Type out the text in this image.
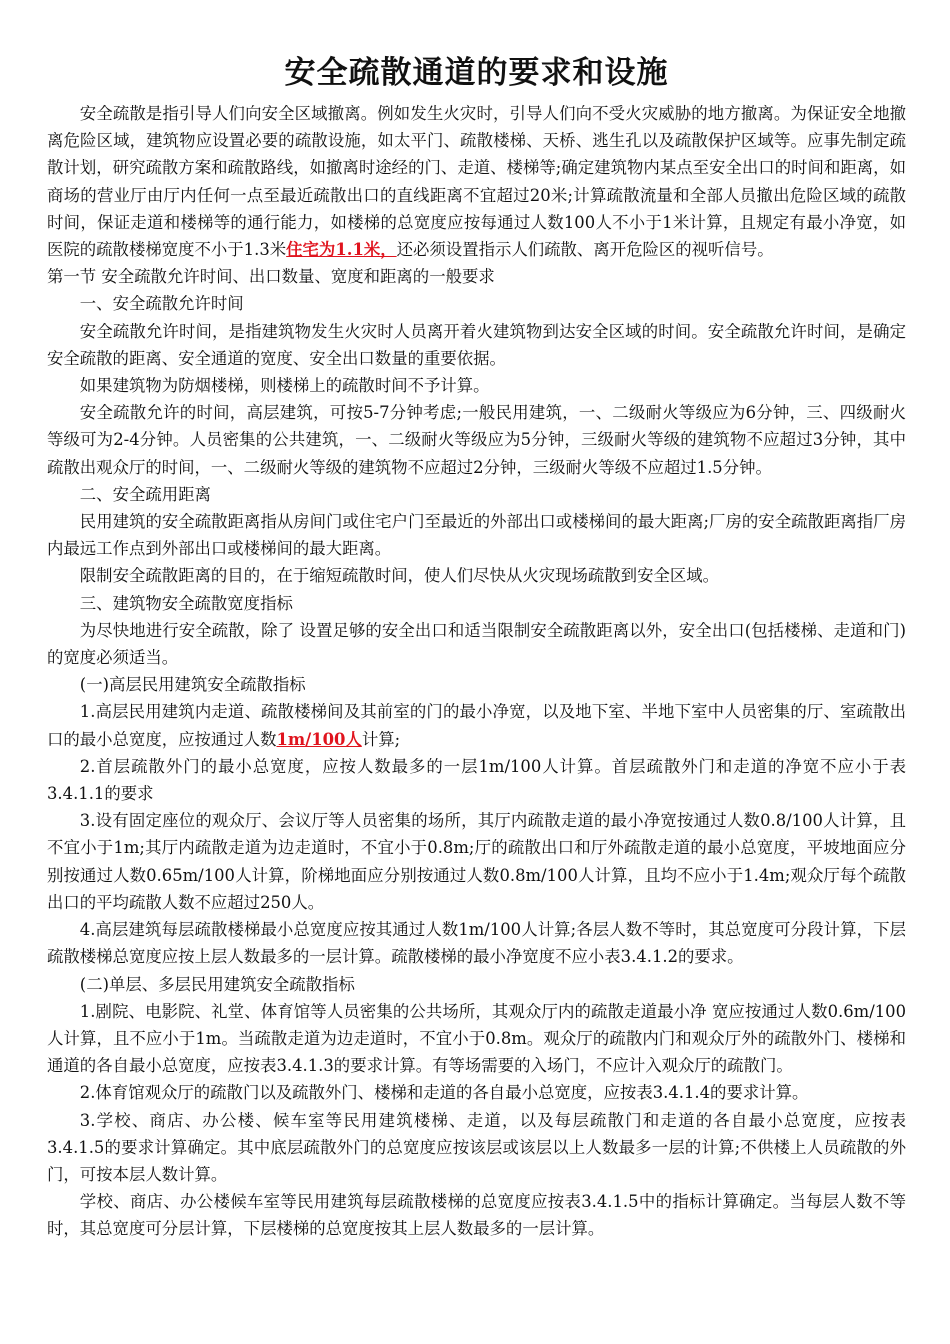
安全疏散通道的要求和设施

安全疏散是指引导人们向安全区域撤离。例如发生火灾时，引导人们向不受火灾威胁的地方撤离。为保证安全地撤离危险区域，建筑物应设置必要的疏散设施，如太平门、疏散楼梯、天桥、逃生孔以及疏散保护区域等。应事先制定疏散计划，研究疏散方案和疏散路线，如撤离时途经的门、走道、楼梯等;确定建筑物内某点至安全出口的时间和距离，如商场的营业厅由厅内任何一点至最近疏散出口的直线距离不宜超过20米;计算疏散流量和全部人员撤出危险区域的疏散时间，保证走道和楼梯等的通行能力，如楼梯的总宽度应按每通过人数100人不小于1米计算，且规定有最小净宽，如医院的疏散楼梯宽度不小于1.3米住宅为1.1米，还必须设置指示人们疏散、离开危险区的视听信号。

第一节 安全疏散允许时间、出口数量、宽度和距离的一般要求

一、安全疏散允许时间

安全疏散允许时间，是指建筑物发生火灾时人员离开着火建筑物到达安全区域的时间。安全疏散允许时间，是确定安全疏散的距离、安全通道的宽度、安全出口数量的重要依据。

如果建筑物为防烟楼梯，则楼梯上的疏散时间不予计算。

安全疏散允许的时间，高层建筑，可按5-7分钟考虑;一般民用建筑，一、二级耐火等级应为6分钟，三、四级耐火等级可为2-4分钟。人员密集的公共建筑，一、二级耐火等级应为5分钟，三级耐火等级的建筑物不应超过3分钟，其中疏散出观众厅的时间，一、二级耐火等级的建筑物不应超过2分钟，三级耐火等级不应超过1.5分钟。

二、安全疏用距离

民用建筑的安全疏散距离指从房间门或住宅户门至最近的外部出口或楼梯间的最大距离;厂房的安全疏散距离指厂房内最远工作点到外部出口或楼梯间的最大距离。

限制安全疏散距离的目的，在于缩短疏散时间，使人们尽快从火灾现场疏散到安全区域。

三、建筑物安全疏散宽度指标

为尽快地进行安全疏散，除了 设置足够的安全出口和适当限制安全疏散距离以外，安全出口(包括楼梯、走道和门)的宽度必须适当。

(一)高层民用建筑安全疏散指标

1.高层民用建筑内走道、疏散楼梯间及其前室的门的最小净宽，以及地下室、半地下室中人员密集的厅、室疏散出口的最小总宽度，应按通过人数1m/100人计算;

2.首层疏散外门的最小总宽度，应按人数最多的一层1m/100人计算。首层疏散外门和走道的净宽不应小于表3.4.1.1的要求

3.设有固定座位的观众厅、会议厅等人员密集的场所，其厅内疏散走道的最小净宽按通过人数0.8/100人计算，且不宜小于1m;其厅内疏散走道为边走道时，不宜小于0.8m;厅的疏散出口和厅外疏散走道的最小总宽度，平坡地面应分别按通过人数0.65m/100人计算，阶梯地面应分别按通过人数0.8m/100人计算，且均不应小于1.4m;观众厅每个疏散出口的平均疏散人数不应超过250人。

4.高层建筑每层疏散楼梯最小总宽度应按其通过人数1m/100人计算;各层人数不等时，其总宽度可分段计算，下层疏散楼梯总宽度应按上层人数最多的一层计算。疏散楼梯的最小净宽度不应小表3.4.1.2的要求。

(二)单层、多层民用建筑安全疏散指标

1.剧院、电影院、礼堂、体育馆等人员密集的公共场所，其观众厅内的疏散走道最小净 宽应按通过人数0.6m/100人计算，且不应小于1m。当疏散走道为边走道时，不宜小于0.8m。观众厅的疏散内门和观众厅外的疏散外门、楼梯和通道的各自最小总宽度，应按表3.4.1.3的要求计算。有等场需要的入场门，不应计入观众厅的疏散门。

2.体育馆观众厅的疏散门以及疏散外门、楼梯和走道的各自最小总宽度，应按表3.4.1.4的要求计算。

3.学校、商店、办公楼、候车室等民用建筑楼梯、走道，以及每层疏散门和走道的各自最小总宽度，应按表3.4.1.5的要求计算确定。其中底层疏散外门的总宽度应按该层或该层以上人数最多一层的计算;不供楼上人员疏散的外门，可按本层人数计算。

学校、商店、办公楼候车室等民用建筑每层疏散楼梯的总宽度应按表3.4.1.5中的指标计算确定。当每层人数不等时，其总宽度可分层计算，下层楼梯的总宽度按其上层人数最多的一层计算。
